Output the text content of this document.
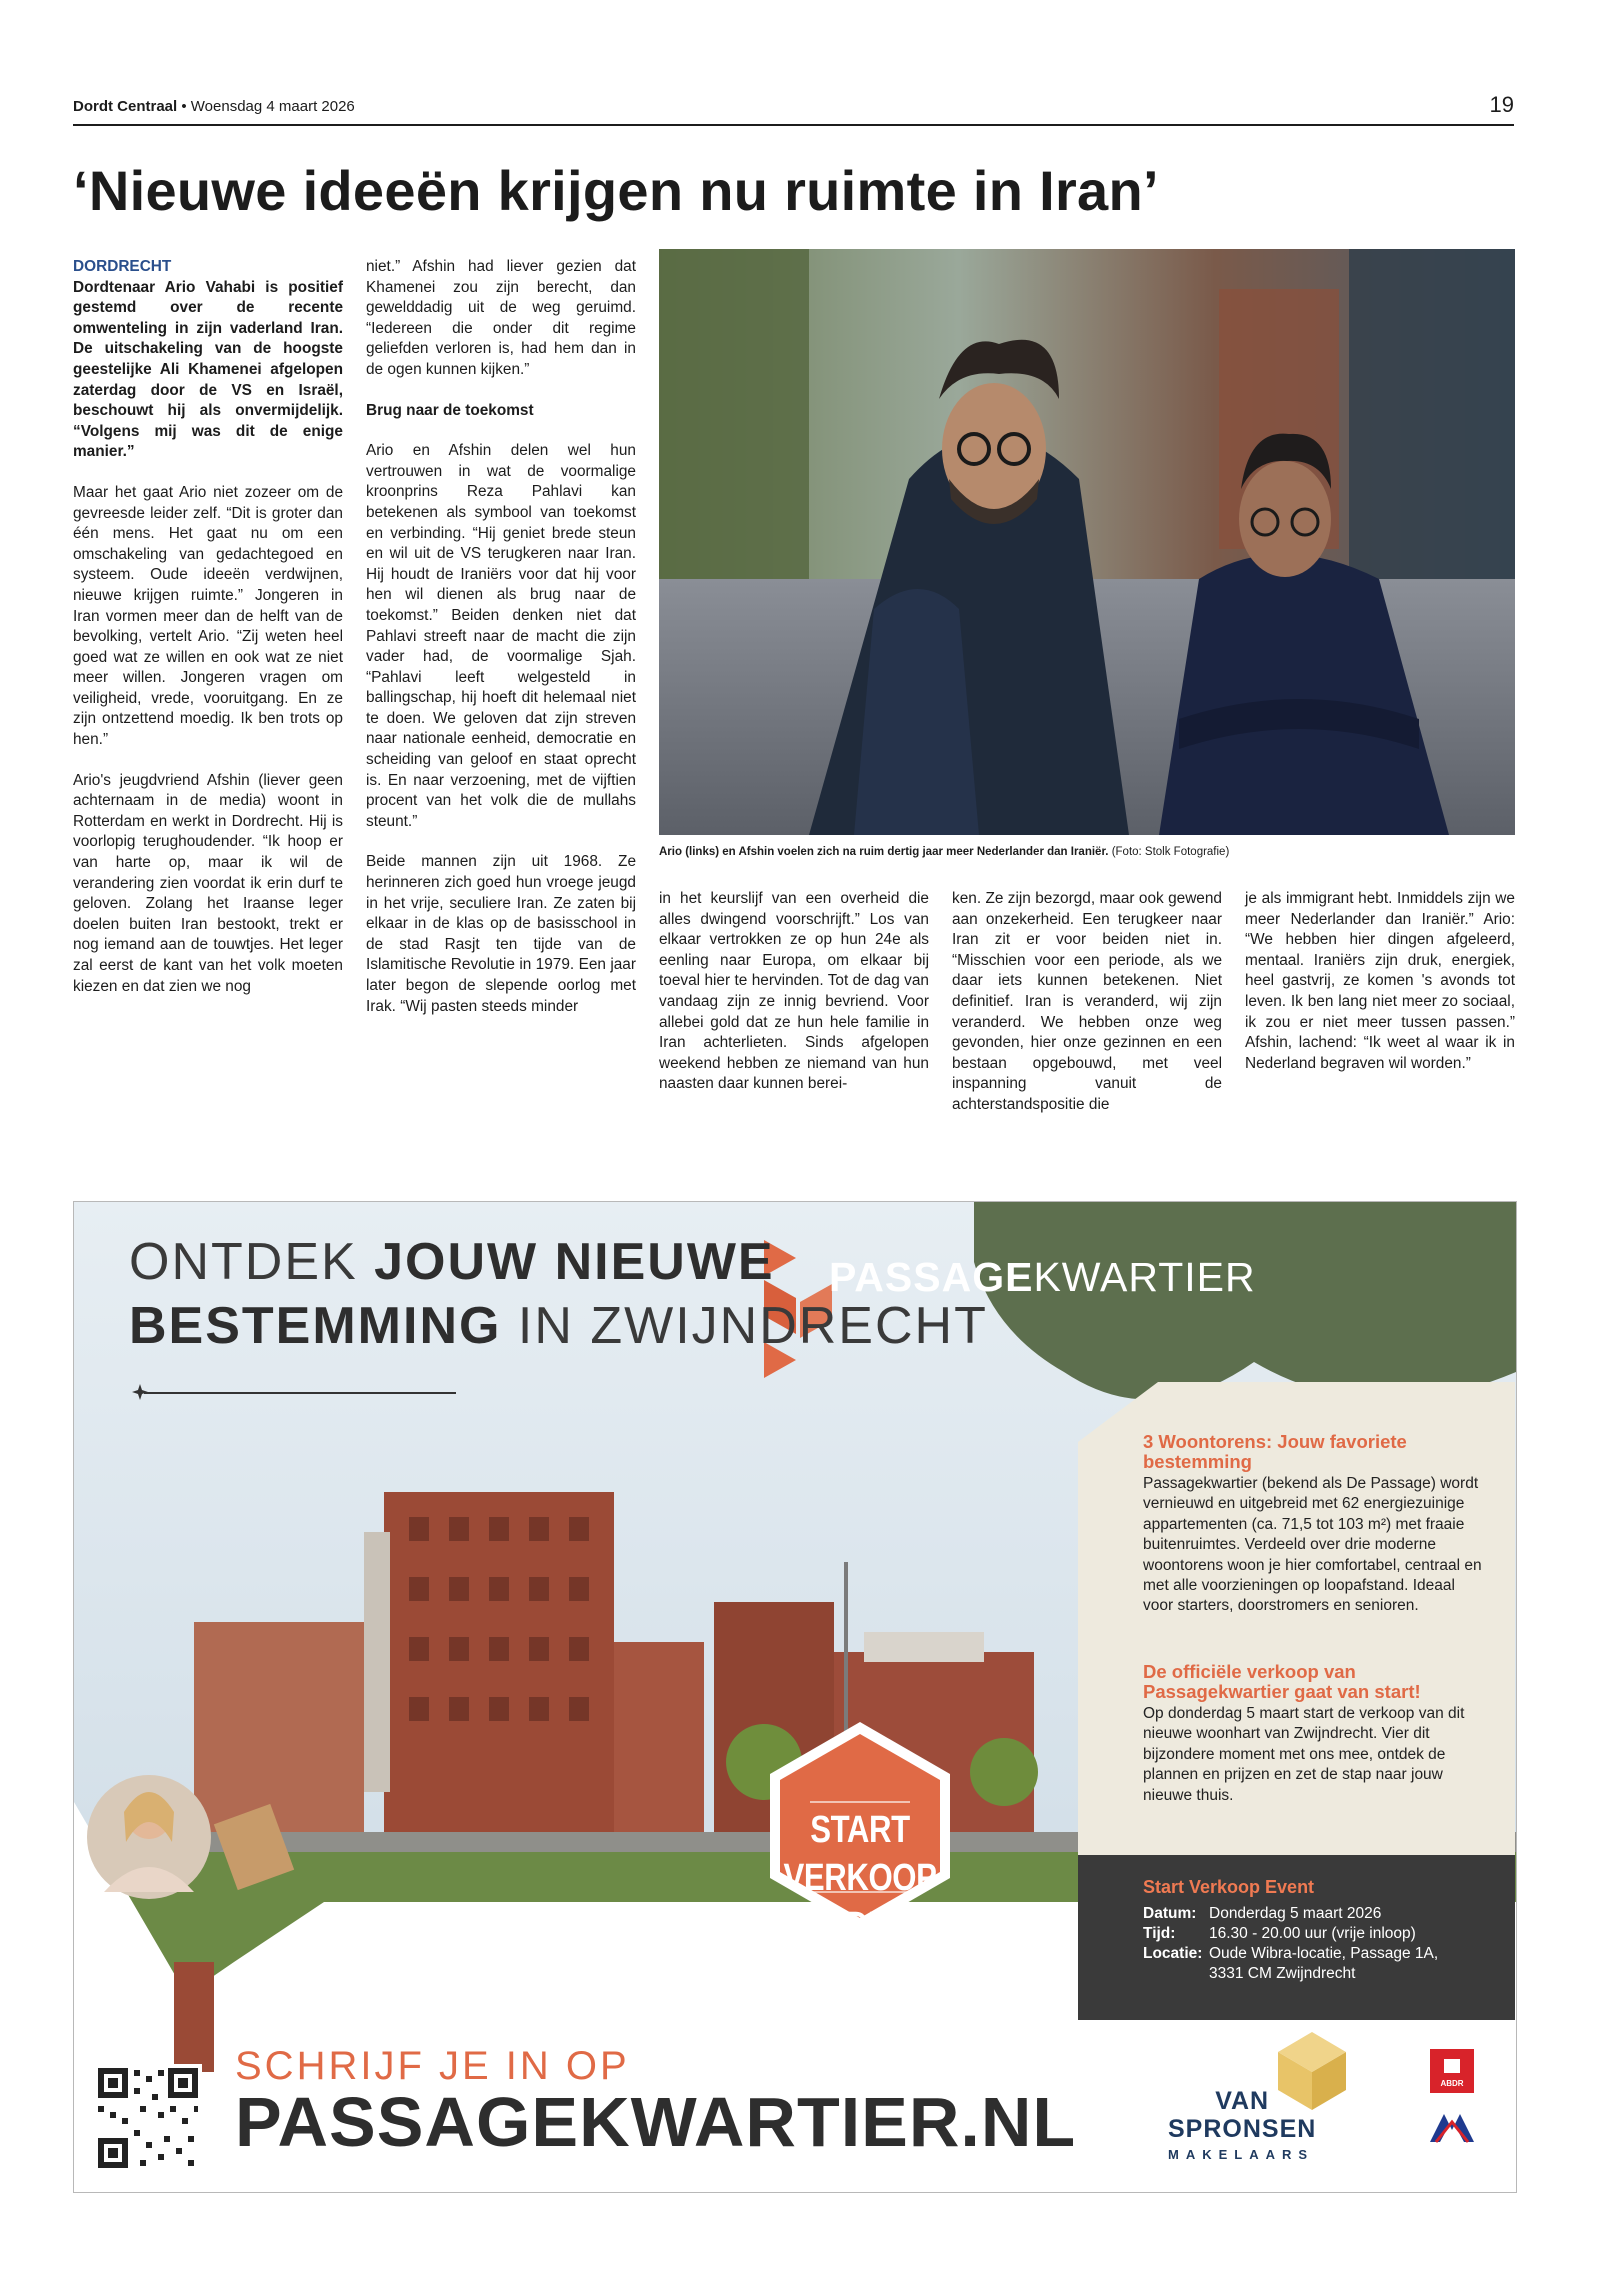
Dordt Centraal • Woensdag 4 maart 2026	19
‘Nieuwe ideeën krijgen nu ruimte in Iran’

DORDRECHT

Dordtenaar Ario Vahabi is positief gestemd over de recente omwenteling in zijn vaderland Iran. De uitschakeling van de hoogste geestelijke Ali Khamenei afgelopen zaterdag door de VS en Israël, beschouwt hij als onvermijdelijk. “Volgens mij was dit de enige manier.”

Maar het gaat Ario niet zozeer om de gevreesde leider zelf. “Dit is groter dan één mens. Het gaat nu om een omschakeling van gedachtegoed en systeem. Oude ideeën verdwijnen, nieuwe krijgen ruimte.” Jongeren in Iran vormen meer dan de helft van de bevolking, vertelt Ario. “Zij weten heel goed wat ze willen en ook wat ze niet meer willen. Jongeren vragen om veiligheid, vrede, vooruitgang. En ze zijn ontzettend moedig. Ik ben trots op hen.”

Ario's jeugdvriend Afshin (liever geen achternaam in de media) woont in Rotterdam en werkt in Dordrecht. Hij is voorlopig terughoudender. “Ik hoop er van harte op, maar ik wil de verandering zien voordat ik erin durf te geloven. Zolang het Iraanse leger doelen buiten Iran bestookt, trekt er nog iemand aan de touwtjes. Het leger zal eerst de kant van het volk moeten kiezen en dat zien we nog

niet.” Afshin had liever gezien dat Khamenei zou zijn berecht, dan gewelddadig uit de weg geruimd. “Iedereen die onder dit regime geliefden verloren is, had hem dan in de ogen kunnen kijken.”

Brug naar de toekomst

Ario en Afshin delen wel hun vertrouwen in wat de voormalige kroonprins Reza Pahlavi kan betekenen als symbool van toekomst en verbinding. “Hij geniet brede steun en wil uit de VS terugkeren naar Iran. Hij houdt de Iraniërs voor dat hij voor hen wil dienen als brug naar de toekomst.” Beiden denken niet dat Pahlavi streeft naar de macht die zijn vader had, de voormalige Sjah. “Pahlavi leeft welgesteld in ballingschap, hij hoeft dit helemaal niet te doen. We geloven dat zijn streven naar nationale eenheid, democratie en scheiding van geloof en staat oprecht is. En naar verzoening, met de vijftien procent van het volk die de mullahs steunt.”

Beide mannen zijn uit 1968. Ze herinneren zich goed hun vroege jeugd in het vrije, seculiere Iran. Ze zaten bij elkaar in de klas op de basisschool in de stad Rasjt ten tijde van de Islamitische Revolutie in 1979. Een jaar later begon de slepende oorlog met Irak. “Wij pasten steeds minder

Ario (links) en Afshin voelen zich na ruim dertig jaar meer Nederlander dan Iraniër. (Foto: Stolk Fotografie)

in het keurslijf van een overheid die alles dwingend voorschrijft.” Los van elkaar vertrokken ze op hun 24e als eenling naar Europa, om elkaar bij toeval hier te hervinden. Tot de dag van vandaag zijn ze innig bevriend. Voor allebei gold dat ze hun hele familie in Iran achterlieten. Sinds afgelopen weekend hebben ze niemand van hun naasten daar kunnen berei-

ken. Ze zijn bezorgd, maar ook gewend aan onzekerheid. Een terugkeer naar Iran zit er voor beiden niet in. “Misschien voor een periode, als we daar iets kunnen betekenen. Niet definitief. Iran is veranderd, wij zijn veranderd. We hebben onze weg gevonden, hier onze gezinnen en een bestaan opgebouwd, met veel inspanning vanuit de achterstandspositie die

je als immigrant hebt. Inmiddels zijn we meer Nederlander dan Iraniër.” Ario: “We hebben hier dingen afgeleerd, mentaal. Iraniërs zijn druk, energiek, heel gastvrij, ze komen 's avonds tot leven. Ik ben lang niet meer zo sociaal, ik zou er niet meer tussen passen.” Afshin, lachend: “Ik weet al waar ik in Nederland begraven wil worden.”

ABDR
ONTDEK JOUW NIEUWE
BESTEMMING IN ZWIJNDRECHT
PASSAGEKWARTIER
3 Woontorens: Jouw favoriete bestemming
Passagekwartier (bekend als De Passage) wordt vernieuwd en uitgebreid met 62 energiezuinige appartementen (ca. 71,5 tot 103 m²) met fraaie buitenruimtes. Verdeeld over drie moderne woontorens woon je hier comfortabel, centraal en met alle voorzieningen op loopafstand. Ideaal voor starters, doorstromers en senioren.
De officiële verkoop van Passagekwartier gaat van start!
Op donderdag 5 maart start de verkoop van dit nieuwe woonhart van Zwijndrecht. Vier dit bijzondere moment met ons mee, ontdek de plannen en prijzen en zet de stap naar jouw nieuwe thuis.
Start Verkoop Event
Datum: Donderdag 5 maart 2026
Tijd: 16.30 - 20.00 uur (vrije inloop)
Locatie: Oude Wibra-locatie, Passage 1A,
3331 CM Zwijndrecht
START VERKOOP
DONDERDAG
5 MAART
SCHRIJF JE IN OP
PASSAGEKWARTIER.NL	VAN
SPRONSEN
MAKELAARS
